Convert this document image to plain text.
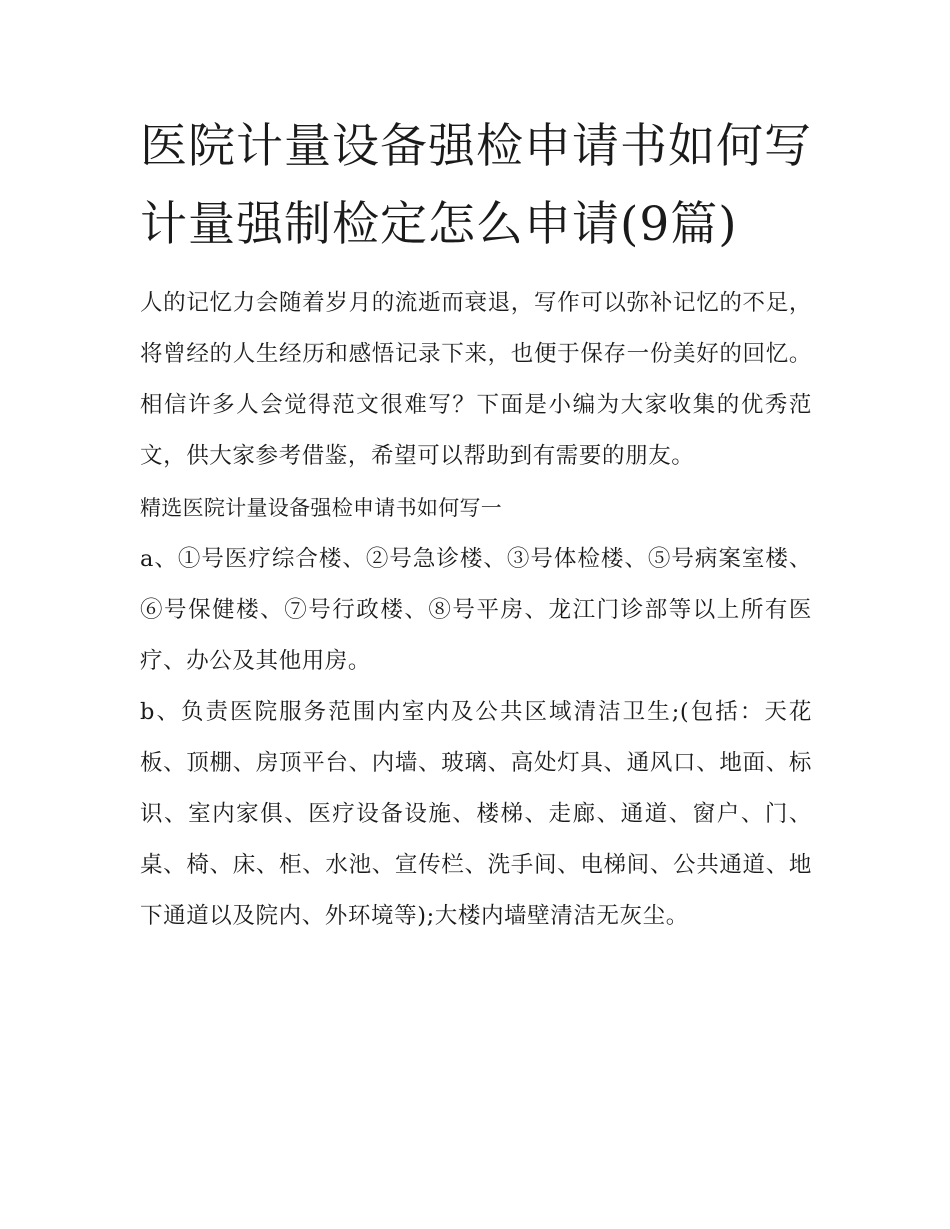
医院计量设备强检申请书如何写 计量强制检定怎么申请(9篇)

人的记忆力会随着岁月的流逝而衰退，写作可以弥补记忆的不足，将曾经的人生经历和感悟记录下来，也便于保存一份美好的回忆。相信许多人会觉得范文很难写？下面是小编为大家收集的优秀范文，供大家参考借鉴，希望可以帮助到有需要的朋友。

精选医院计量设备强检申请书如何写一

a、①号医疗综合楼、②号急诊楼、③号体检楼、⑤号病案室楼、⑥号保健楼、⑦号行政楼、⑧号平房、龙江门诊部等以上所有医疗、办公及其他用房。

b、负责医院服务范围内室内及公共区域清洁卫生;(包括：天花板、顶棚、房顶平台、内墙、玻璃、高处灯具、通风口、地面、标识、室内家俱、医疗设备设施、楼梯、走廊、通道、窗户、门、桌、椅、床、柜、水池、宣传栏、洗手间、电梯间、公共通道、地下通道以及院内、外环境等);大楼内墙壁清洁无灰尘。
